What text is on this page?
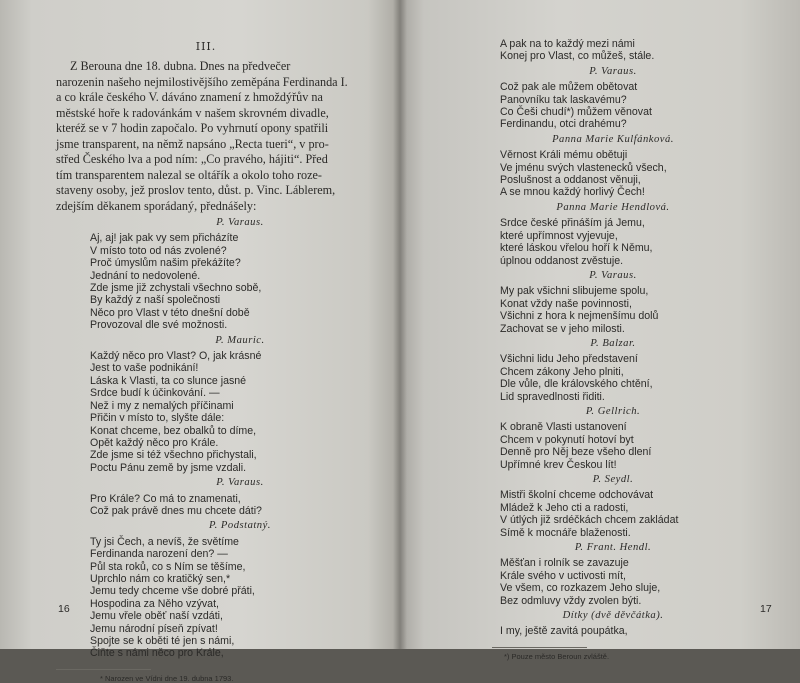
III.
Z Berouna dne 18. dubna. Dnes na předvečer
narozenin našeho nejmilostivějšího zeměpána Ferdinanda I.
a co krále českého V. dáváno znamení z hmoždýřův na
městské hoře k radovánkám v našem skrovném divadle,
kteréž se v 7 hodin započalo. Po vyhrnutí opony spatřili
jsme transparent, na němž napsáno „Recta tueri“, v pro-
střed Českého lva a pod ním: „Co pravého, hájiti“. Před
tím transparentem nalezal se oltářík a okolo toho roze-
staveny osoby, jež proslov tento, důst. p. Vinc. Láblerem,
zdejším děkanem sporádaný, přednášely:
P. Varaus.
Aj, aj! jak pak vy sem přicházíte
V místo toto od nás zvolené?
Proč úmyslům našim překážíte?
Jednání to nedovolené.
Zde jsme již zchystali všechno sobě,
By každý z naší společnosti
Něco pro Vlast v této dnešní době
Provozoval dle své možnosti.
P. Mauric.
Každý něco pro Vlast? O, jak krásné
Jest to vaše podnikání!
Láska k Vlasti, ta co slunce jasné
Srdce budí k účinkování. —
Než i my z nemalých příčinami
Přičin v místo to, slyšte dále:
Konat chceme, bez obalků to díme,
Opět každý něco pro Krále.
Zde jsme si též všechno přichystali,
Poctu Pánu země by jsme vzdali.
P. Varaus.
Pro Krále? Co má to znamenati,
Což pak právě dnes mu chcete dáti?
P. Podstatný.
Ty jsi Čech, a nevíš, že světíme
Ferdinanda narození den? —
Půl sta roků, co s Ním se těšíme,
Uprchlo nám co kratičký sen,*
Jemu tedy chceme vše dobré přáti,
Hospodina za Něho vzývat,
Jemu vřele oběť naší vzdáti,
Jemu národní píseň zpívat!
Spojte se k oběti té jen s námi,
Čiňte s námi něco pro Krále,
* Narozen ve Vídni dne 19. dubna 1793.
16
A pak na to každý mezi námi
Konej pro Vlast, co můžeš, stále.
P. Varaus.
Což pak ale můžem obětovat
Panovníku tak laskavému?
Co Češi chudí*) můžem věnovat
Ferdinandu, otci drahému?
Panna Marie Kulfánková.
Věrnost Králi mému obětuji
Ve jménu svých vlastenecků všech,
Poslušnost a oddanost věnuji,
A se mnou každý horlivý Čech!
Panna Marie Hendlová.
Srdce české přináším já Jemu,
které upřímnost vyjevuje,
které láskou vřelou hoří k Němu,
úplnou oddanost zvěstuje.
P. Varaus.
My pak všichni slibujeme spolu,
Konat vždy naše povinnosti,
Všichni z hora k nejmenšímu dolů
Zachovat se v jeho milosti.
P. Balzar.
Všichni lidu Jeho představení
Chcem zákony Jeho plniti,
Dle vůle, dle královského chtění,
Lid spravedlnosti řiditi.
P. Gellrich.
K obraně Vlasti ustanovení
Chcem v pokynutí hotoví byt
Denně pro Něj beze všeho dlení
Upřímné krev Českou lít!
P. Seydl.
Mistři školní chceme odchovávat
Mládež k Jeho cti a radosti,
V útlých již srdéčkách chcem zakládat
Símě k mocnáře blaženosti.
P. Frant. Hendl.
Měšťan i rolník se zavazuje
Krále svého v uctivosti mít,
Ve všem, co rozkazem Jeho sluje,
Bez odmluvy vždy zvolen býti.
Dítky (dvě děvčátka).
I my, ještě zavitá poupátka,
*) Pouze město Beroun zvláště.
17
